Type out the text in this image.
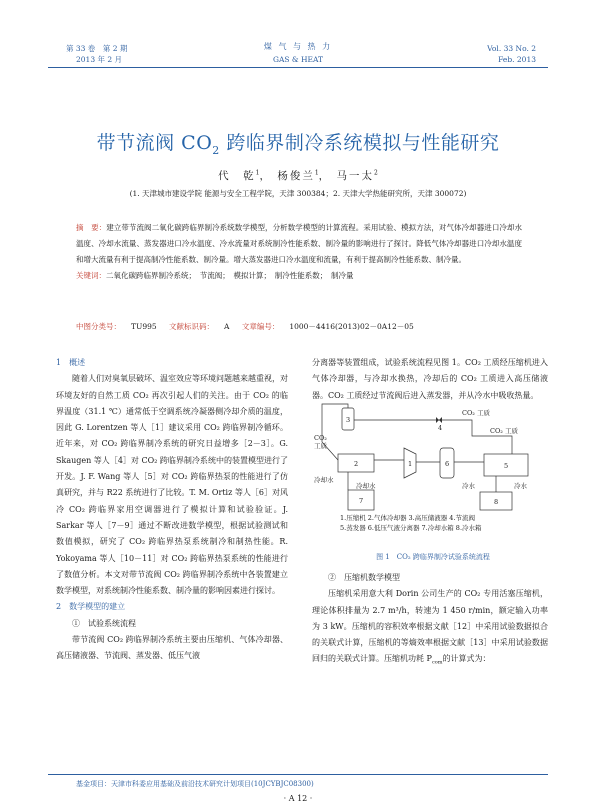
第 33 卷　第 2 期
2013 年 2 月
煤 气 与 热 力
GAS & HEAT
Vol. 33 No. 2
Feb. 2013
带节流阀 $CO_2$ 跨临界制冷系统模拟与性能研究
代　乾$^1$， 杨俊兰$^1$， 马一太$^2$
(1. 天津城市建设学院 能源与安全工程学院，天津 300384；2. 天津大学热能研究所，天津 300072)
摘　要：建立带节流阀二氧化碳跨临界制冷系统数学模型，分析数学模型的计算流程。采用试验、模拟方法，对气体冷却器进口冷却水温度、冷却水流量、蒸发器进口冷水温度、冷水流量对系统制冷性能系数、制冷量的影响进行了探讨。降低气体冷却器进口冷却水温度和增大流量有利于提高制冷性能系数、制冷量。增大蒸发器进口冷水温度和流量，有利于提高制冷性能系数、制冷量。
关键词：二氧化碳跨临界制冷系统；　节流阀；　模拟计算；　制冷性能系数；　制冷量
中图分类号： TU995 文献标识码： A 文章编号： 1000－4416(2013)02－0A12－05

1　概述

随着人们对臭氧层破坏、温室效应等环境问题越来越重视，对环境友好的自然工质 CO₂ 再次引起人们的关注。由于 CO₂ 的临界温度（31.1 ℃）通常低于空调系统冷凝器侧冷却介质的温度，因此 G. Lorentzen 等人［1］建议采用 CO₂ 跨临界制冷循环。近年来，对 CO₂ 跨临界制冷系统的研究日益增多［2－3］。G. Skaugen 等人［4］对 CO₂ 跨临界制冷系统中的装置模型进行了开发。J. F. Wang 等人［5］对 CO₂ 跨临界热泵的性能进行了仿真研究，并与 R22 系统进行了比较。T. M. Ortiz 等人［6］对风冷 CO₂ 跨临界家用空调器进行了模拟计算和试验验证。J. Sarkar 等人［7－9］通过不断改进数学模型，根据试验测试和数值模拟，研究了 CO₂ 跨临界热泵系统制冷和制热性能。R. Yokoyama 等人［10－11］对 CO₂ 跨临界热泵系统的性能进行了数值分析。本文对带节流阀 CO₂ 跨临界制冷系统中各装置建立数学模型，对系统制冷性能系数、制冷量的影响因素进行探讨。

2　数学模型的建立

①　试验系统流程

带节流阀 CO₂ 跨临界制冷系统主要由压缩机、气体冷却器、高压储液器、节流阀、蒸发器、低压气液

分离器等装置组成，试验系统流程见图 1。CO₂ 工质经压缩机进入气体冷却器，与冷却水换热，冷却后的 CO₂ 工质进入高压储液器。CO₂ 工质经过节流阀后进入蒸发器，并从冷水中吸收热量。

CO₂
工质
CO₂ 工质
CO₂ 工质
冷却水
冷却水	冷水	冷水
3
2	1
4
6	5
7	8
1.压缩机 2.气体冷却器 3.高压储液器 4.节流阀
5.蒸发器 6.低压气液分离器 7.冷却水箱 8.冷水箱
图 1　 CO₂ 跨临界制冷试验系统流程

②　压缩机数学模型

压缩机采用意大利 Dorin 公司生产的 CO₂ 专用活塞压缩机，理论体积排量为 2.7 m³/h，转速为 1 450 r/min，额定输入功率为 3 kW。压缩机的容积效率根据文献［12］中采用试验数据拟合的关联式计算，压缩机的等熵效率根据文献［13］中采用试验数据回归的关联式计算。压缩机功耗 $P_{com}$的计算式为：

基金项目：天津市科委应用基础及前沿技术研究计划项目(10JCYBJC08300)
· A 12 ·
